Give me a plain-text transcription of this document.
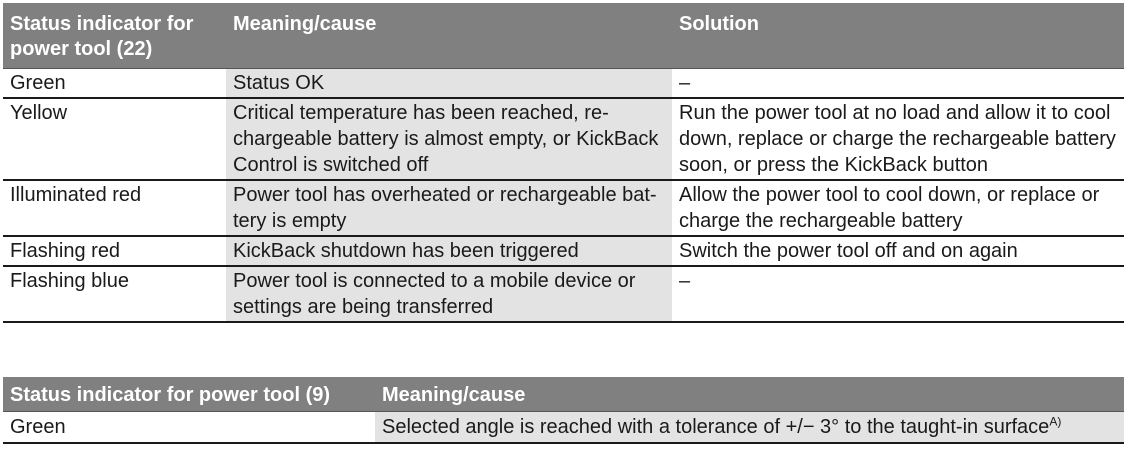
Status indicator for power tool (22)	Meaning/cause	Solution
Green	Status OK	–
Yellow	Critical temperature has been reached, re-chargeable battery is almost empty, or KickBack Control is switched off	Run the power tool at no load and allow it to cool down, replace or charge the rechargeable battery soon, or press the KickBack button
Illuminated red	Power tool has overheated or rechargeable bat-tery is empty	Allow the power tool to cool down, or replace or charge the rechargeable battery
Flashing red	KickBack shutdown has been triggered	Switch the power tool off and on again
Flashing blue	Power tool is connected to a mobile device or settings are being transferred	–
Status indicator for power tool (9)	Meaning/cause
Green	Selected angle is reached with a tolerance of +/− 3° to the taught-in surface$^{A)}$
